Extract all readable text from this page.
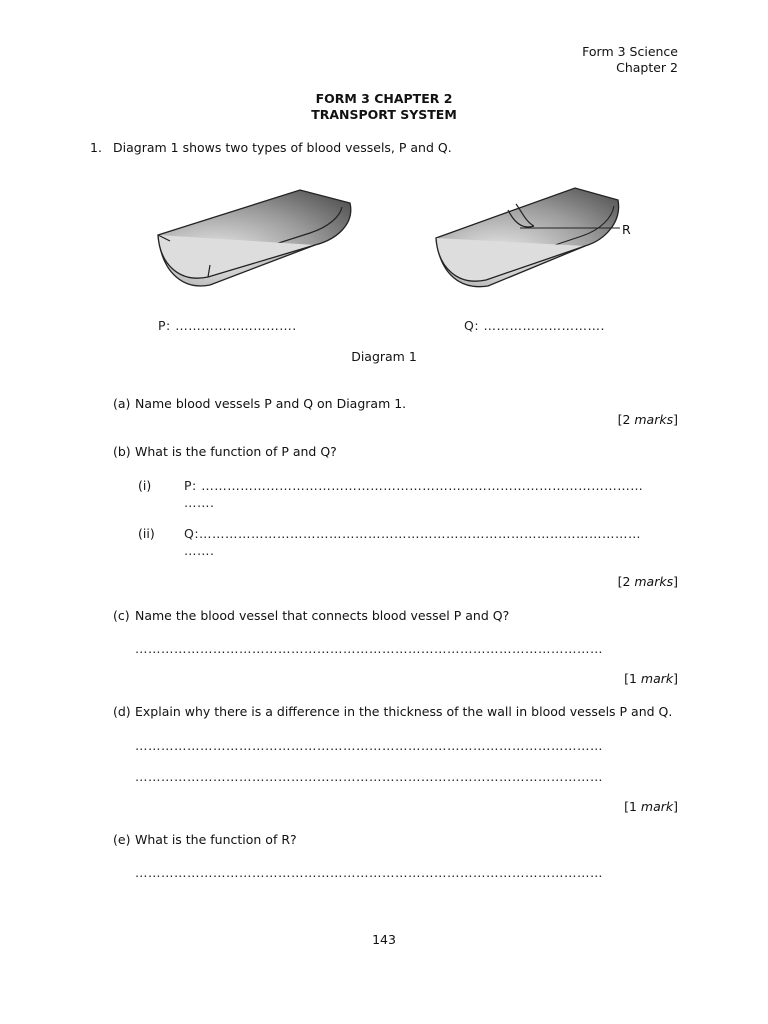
Form 3 Science
Chapter 2
FORM 3 CHAPTER 2
TRANSPORT SYSTEM
1. Diagram 1 shows two types of blood vessels, P and Q.
R
P: ……………………….	Q: ……………………….
Diagram 1
(a) Name blood vessels P and Q on Diagram 1.
[2 marks]
(b) What is the function of P and Q?
(i)	P: …………………………………………………………………………………………
…….
(ii) Q:…………………………………………………………………………………………
…….
[2 marks]
(c) Name the blood vessel that connects blood vessel P and Q?
………………………………………………………………………………………………
[1 mark]
(d) Explain why there is a difference in the thickness of the wall in blood vessels P and Q.
………………………………………………………………………………………………
………………………………………………………………………………………………
[1 mark]
(e) What is the function of R?
………………………………………………………………………………………………
143
